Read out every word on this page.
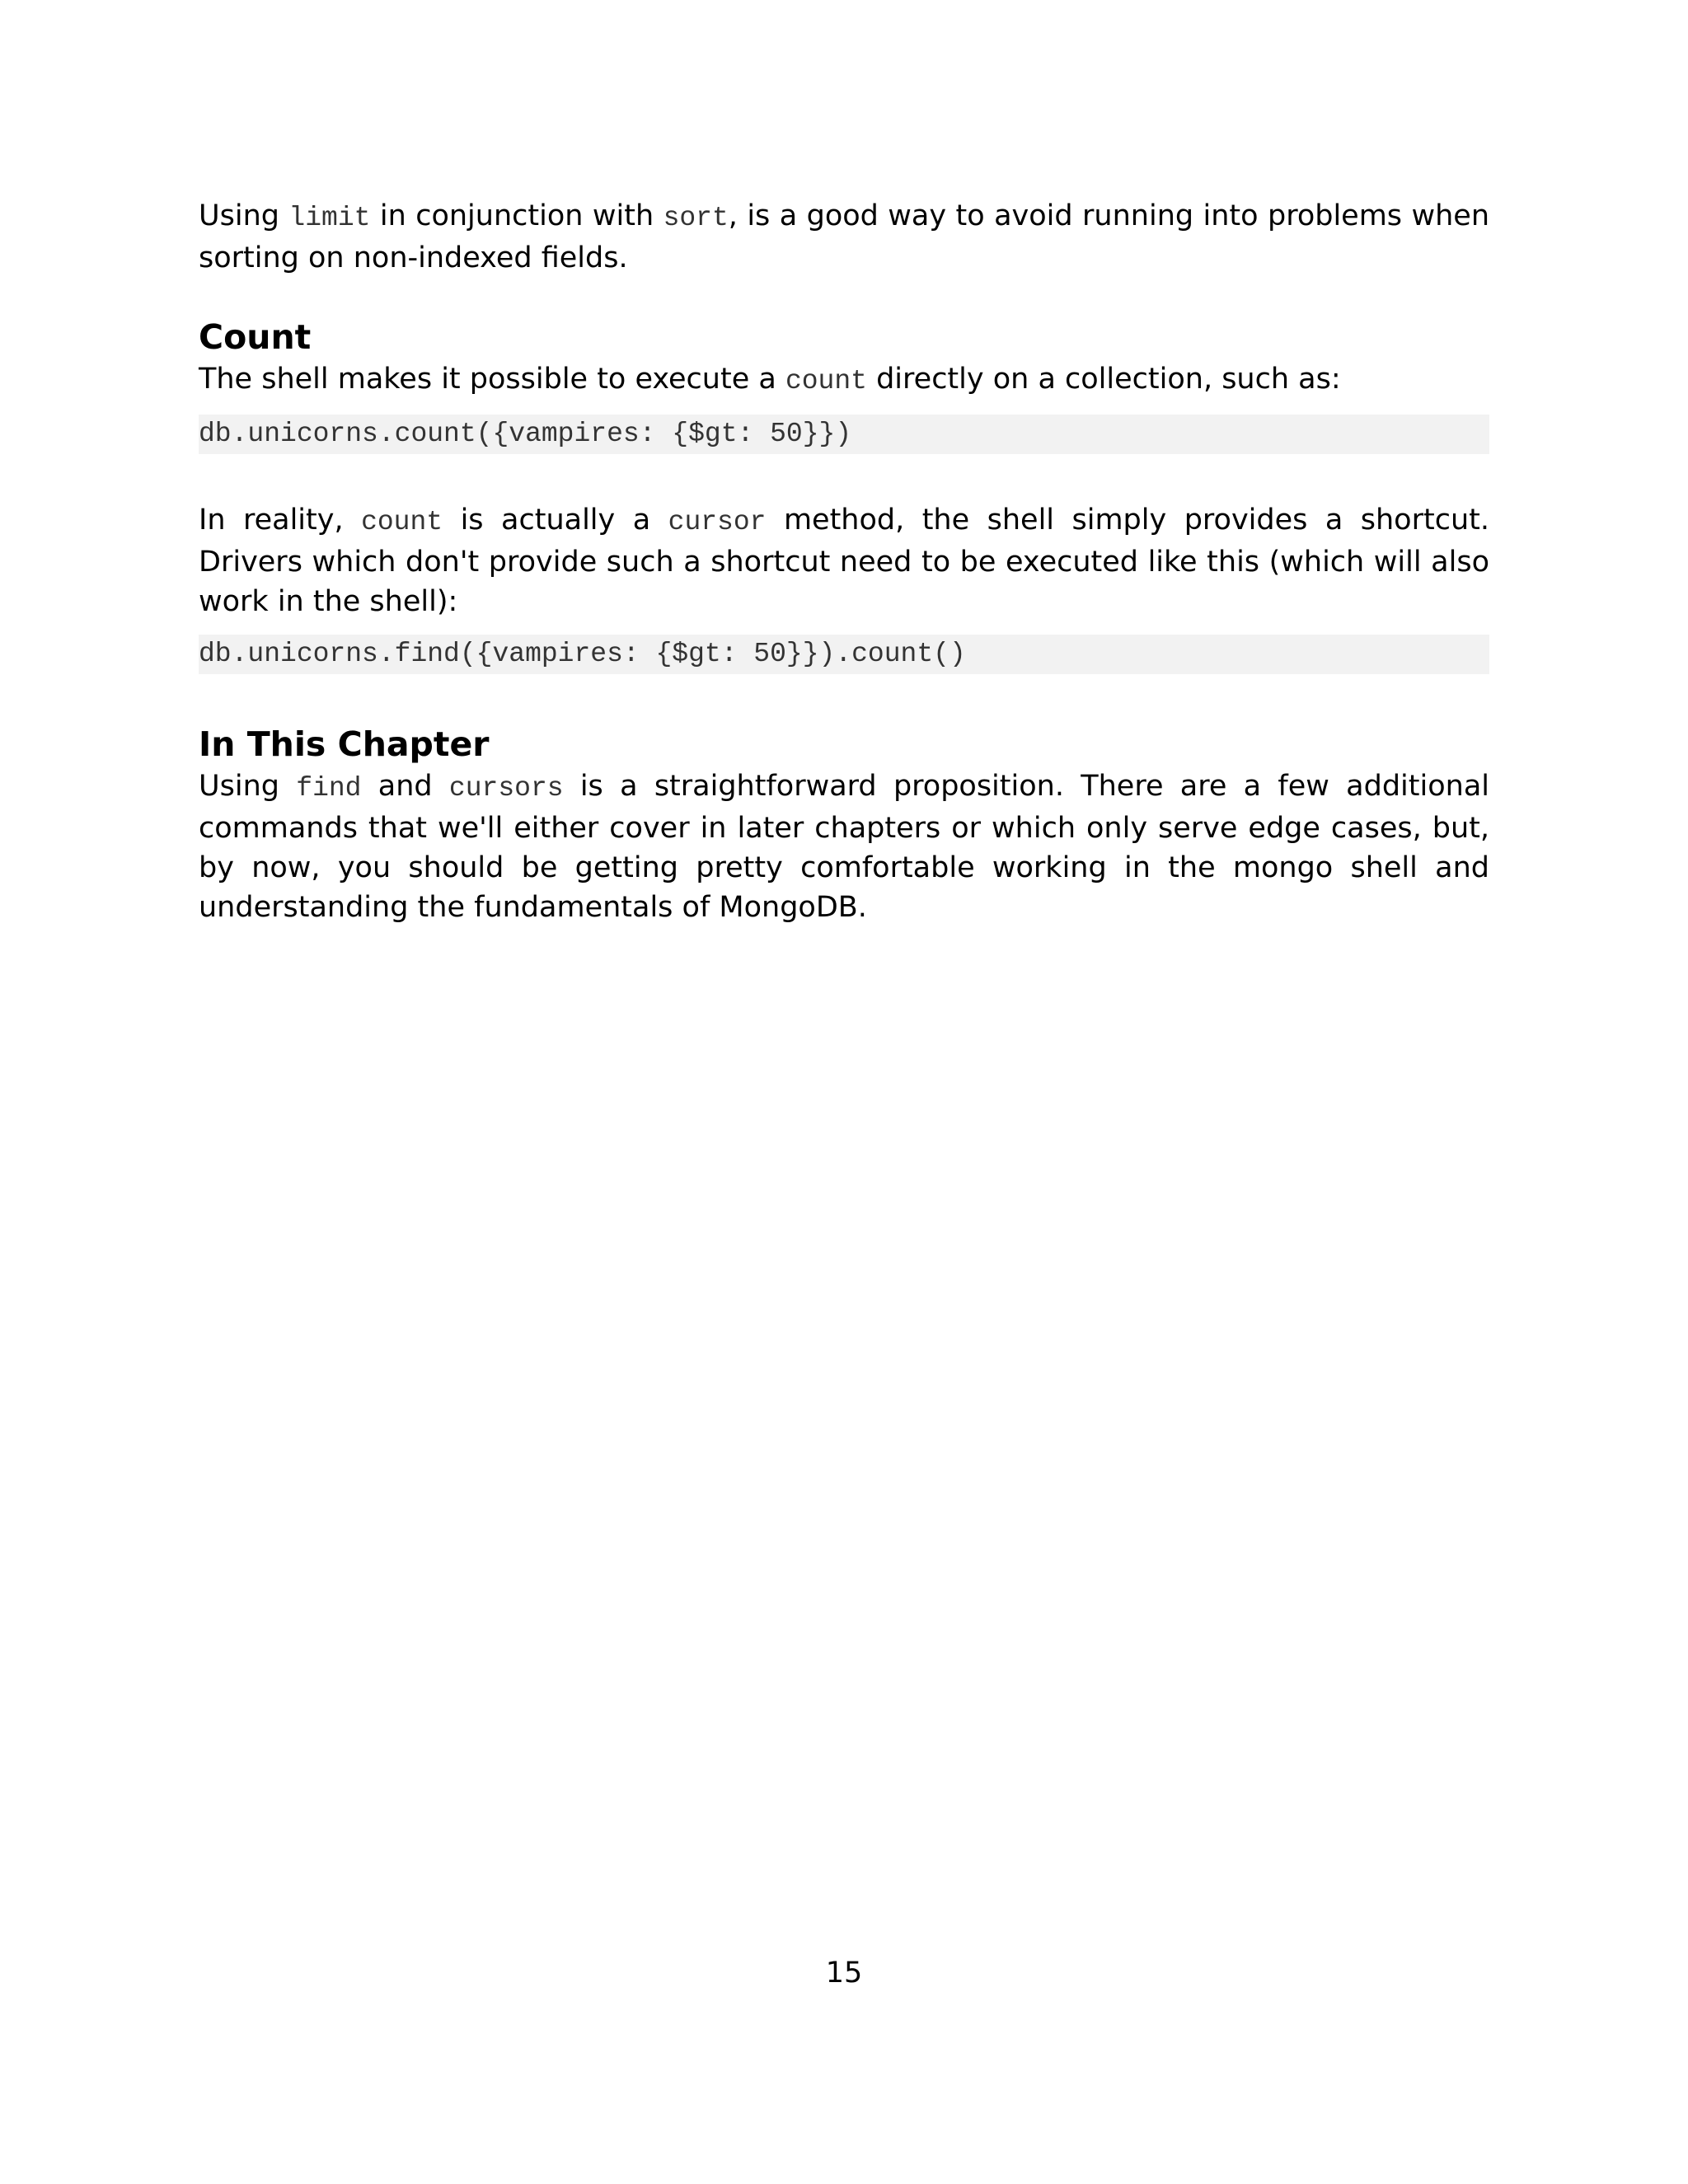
Using limit in conjunction with sort, is a good way to avoid running into problems when sorting on non-indexed fields.

Count

The shell makes it possible to execute a count directly on a collection, such as:

db.unicorns.count({vampires: {$gt: 50}})

In reality, count is actually a cursor method, the shell simply provides a shortcut. Drivers which don't provide such a shortcut need to be executed like this (which will also work in the shell):

db.unicorns.find({vampires: {$gt: 50}}).count()
In This Chapter

Using find and cursors is a straightforward proposition. There are a few additional commands that we'll either cover in later chapters or which only serve edge cases, but, by now, you should be getting pretty comfortable working in the mongo shell and understanding the fundamentals of MongoDB.

15
